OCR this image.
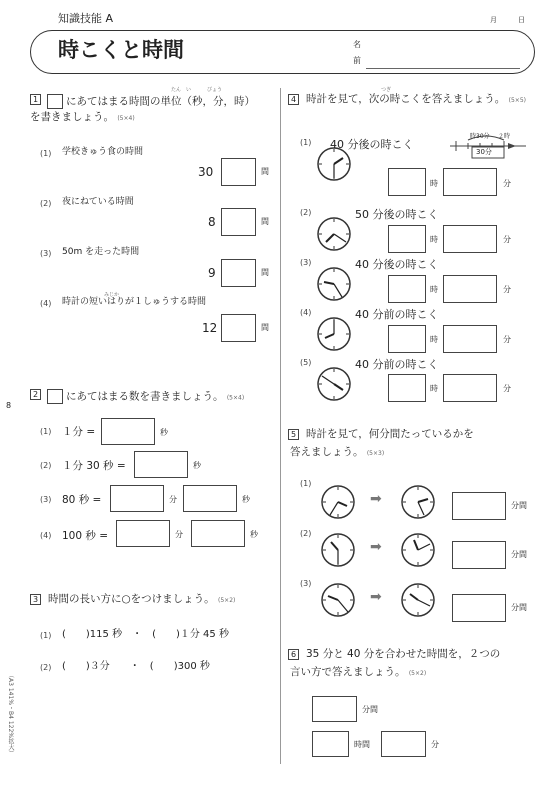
知識技能 A	月	日
時こくと時間	名
前
8
（A3 141%・B4 122%拡大）
1	にあてはまる時間の単位（秒，分，時）
たん い	びょう
を書きましょう。 (5×4)
(1) 学校きゅう食の時間
30	間
(2) 夜にねている時間
8	間
(3) 50m を走った時間
9	間
みじか
(4) 時計の短いはりが１しゅうする時間
12	間
2	にあてはまる数を書きましょう。 (5×4)
(1) １分 =	秒
(2) １分 30 秒 =	秒
(3) 80 秒 =	分	秒
(4) 100 秒 =	分	秒
3 時間の長い方に○をつけましょう。 (5×2)
(1) (　　)115 秒　・　(　　)１分 45 秒
(2) (　　)３分　　・　(　　)300 秒
4
つぎ
時計を見て，次の時こくを答えましょう。 (5×5)
時30分 ２時
30分
(1) 40 分後の時こく
時	分
(2)	50 分後の時こく
時	分
(3)	40 分後の時こく
時	分
(4)	40 分前の時こく
時	分
(5)	40 分前の時こく
時	分
5 時計を見て，何分間たっているかを
答えましょう。 (5×3)
(1)
➡	分間
(2)
➡	分間
(3)
➡
分間
6 35 分と 40 分を合わせた時間を，２つの
言い方で答えましょう。 (5×2)
分間
時間	分
